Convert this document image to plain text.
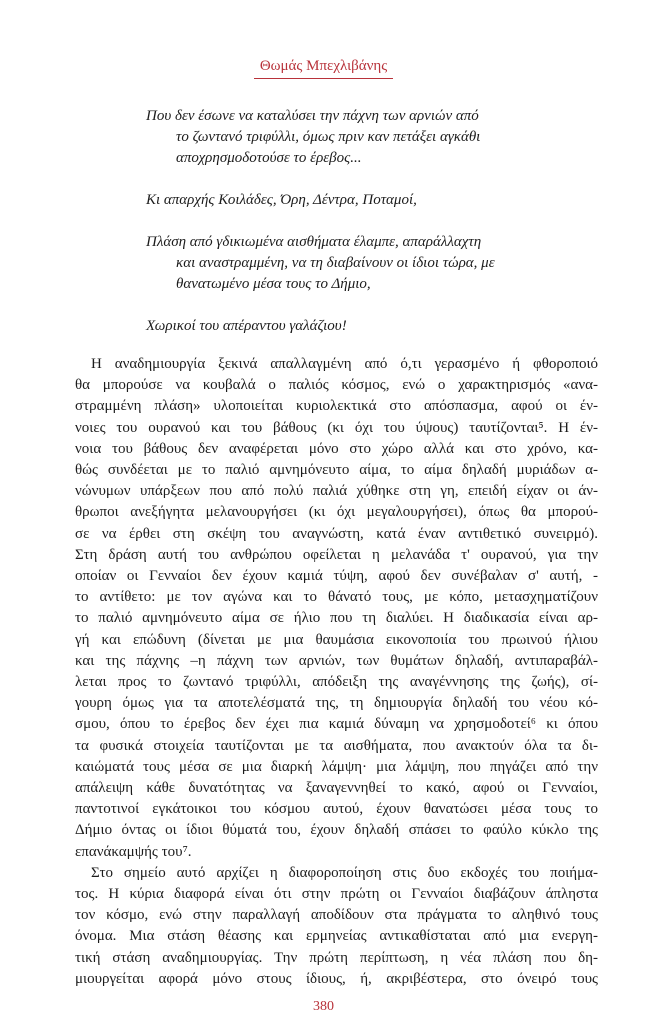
Θωμάς Μπεχλιβάνης
Που δεν έσωνε να καταλύσει την πάχνη των αρνιών από
το ζωντανό τριφύλλι, όμως πριν καν πετάξει αγκάθι
αποχρησμοδοτούσε το έρεβος...
Κι απαρχής Κοιλάδες, Όρη, Δέντρα, Ποταμοί,
Πλάση από γδικιωμένα αισθήματα έλαμπε, απαράλλαχτη
και αναστραμμένη, να τη διαβαίνουν οι ίδιοι τώρα, με
θανατωμένο μέσα τους το Δήμιο,
Χωρικοί του απέραντου γαλάζιου!
Η αναδημιουργία ξεκινά απαλλαγμένη από ό,τι γερασμένο ή φθοροποιό
θα μπορούσε να κουβαλά ο παλιός κόσμος, ενώ ο χαρακτηρισμός «ανα-
στραμμένη πλάση» υλοποιείται κυριολεκτικά στο απόσπασμα, αφού οι έν-
νοιες του ουρανού και του βάθους (κι όχι του ύψους) ταυτίζονται⁵. Η έν-
νοια του βάθους δεν αναφέρεται μόνο στο χώρο αλλά και στο χρόνο, κα-
θώς συνδέεται με το παλιό αμνημόνευτο αίμα, το αίμα δηλαδή μυριάδων α-
νώνυμων υπάρξεων που από πολύ παλιά χύθηκε στη γη, επειδή είχαν οι άν-
θρωποι ανεξήγητα μελανουργήσει (κι όχι μεγαλουργήσει), όπως θα μπορού-
σε να έρθει στη σκέψη του αναγνώστη, κατά έναν αντιθετικό συνειρμό).
Στη δράση αυτή του ανθρώπου οφείλεται η μελανάδα τ' ουρανού, για την
οποίαν οι Γενναίοι δεν έχουν καμιά τύψη, αφού δεν συνέβαλαν σ' αυτή, -
το αντίθετο: με τον αγώνα και το θάνατό τους, με κόπο, μετασχηματίζουν
το παλιό αμνημόνευτο αίμα σε ήλιο που τη διαλύει. Η διαδικασία είναι αρ-
γή και επώδυνη (δίνεται με μια θαυμάσια εικονοποιία του πρωινού ήλιου
και της πάχνης –η πάχνη των αρνιών, των θυμάτων δηλαδή, αντιπαραβάλ-
λεται προς το ζωντανό τριφύλλι, απόδειξη της αναγέννησης της ζωής), σί-
γουρη όμως για τα αποτελέσματά της, τη δημιουργία δηλαδή του νέου κό-
σμου, όπου το έρεβος δεν έχει πια καμιά δύναμη να χρησμοδοτεί⁶ κι όπου
τα φυσικά στοιχεία ταυτίζονται με τα αισθήματα, που ανακτούν όλα τα δι-
καιώματά τους μέσα σε μια διαρκή λάμψη· μια λάμψη, που πηγάζει από την
απάλειψη κάθε δυνατότητας να ξαναγεννηθεί το κακό, αφού οι Γενναίοι,
παντοτινοί εγκάτοικοι του κόσμου αυτού, έχουν θανατώσει μέσα τους το
Δήμιο όντας οι ίδιοι θύματά του, έχουν δηλαδή σπάσει το φαύλο κύκλο της
επανάκαμψής του⁷.
Στο σημείο αυτό αρχίζει η διαφοροποίηση στις δυο εκδοχές του ποιήμα-
τος. Η κύρια διαφορά είναι ότι στην πρώτη οι Γενναίοι διαβάζουν άπληστα
τον κόσμο, ενώ στην παραλλαγή αποδίδουν στα πράγματα το αληθινό τους
όνομα. Μια στάση θέασης και ερμηνείας αντικαθίσταται από μια ενεργη-
τική στάση αναδημιουργίας. Την πρώτη περίπτωση, η νέα πλάση που δη-
μιουργείται αφορά μόνο στους ίδιους, ή, ακριβέστερα, στο όνειρό τους
380
